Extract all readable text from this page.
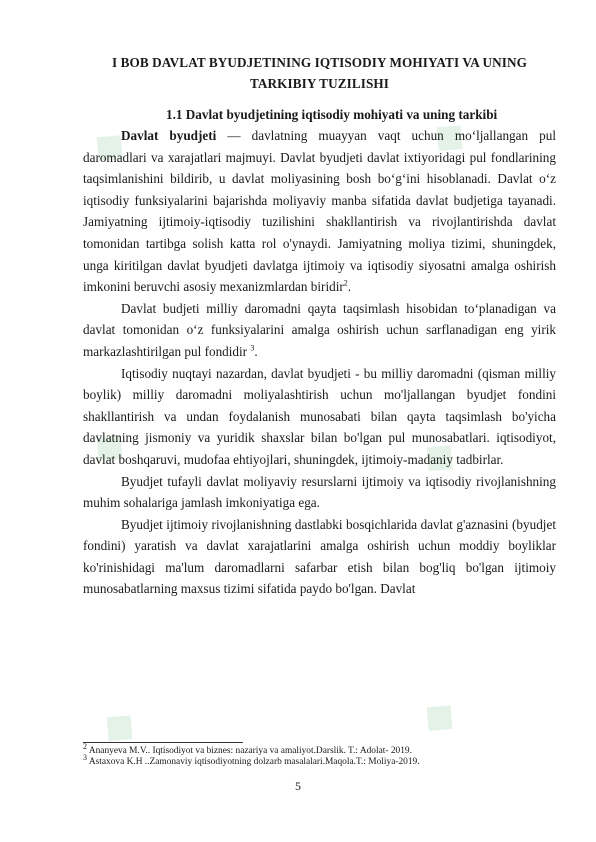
◆	◆
◆	◆
◆	◆
I BOB DAVLAT BYUDJETINING IQTISODIY MOHIYATI VA UNING TARKIBIY TUZILISHI
1.1 Davlat byudjetining iqtisodiy mohiyati va uning tarkibi

Davlat byudjeti — davlatning muayyan vaqt uchun mo‘ljallangan pul daromadlari va xarajatlari majmuyi. Davlat byudjeti davlat ixtiyoridagi pul fondlarining taqsimlanishini bildirib, u davlat moliyasining bosh bo‘g‘ini hisoblanadi. Davlat o‘z iqtisodiy funksiyalarini bajarishda moliyaviy manba sifatida davlat budjetiga tayanadi. Jamiyatning ijtimoiy-iqtisodiy tuzilishini shakllantirish va rivojlantirishda davlat tomonidan tartibga solish katta rol o'ynaydi. Jamiyatning moliya tizimi, shuningdek, unga kiritilgan davlat byudjeti davlatga ijtimoiy va iqtisodiy siyosatni amalga oshirish imkonini beruvchi asosiy mexanizmlardan biridir$^2$.

Davlat budjeti milliy daromadni qayta taqsimlash hisobidan to‘planadigan va davlat tomonidan o‘z funksiyalarini amalga oshirish uchun sarflanadigan eng yirik markazlashtirilgan pul fondidir $^3$.

Iqtisodiy nuqtayi nazardan, davlat byudjeti - bu milliy daromadni (qisman milliy boylik) milliy daromadni moliyalashtirish uchun mo'ljallangan byudjet fondini shakllantirish va undan foydalanish munosabati bilan qayta taqsimlash bo'yicha davlatning jismoniy va yuridik shaxslar bilan bo'lgan pul munosabatlari. iqtisodiyot, davlat boshqaruvi, mudofaa ehtiyojlari, shuningdek, ijtimoiy-madaniy tadbirlar.

Byudjet tufayli davlat moliyaviy resurslarni ijtimoiy va iqtisodiy rivojlanishning muhim sohalariga jamlash imkoniyatiga ega.

Byudjet ijtimoiy rivojlanishning dastlabki bosqichlarida davlat g'aznasini (byudjet fondini) yaratish va davlat xarajatlarini amalga oshirish uchun moddiy boyliklar ko'rinishidagi ma'lum daromadlarni safarbar etish bilan bog'liq bo'lgan ijtimoiy munosabatlarning maxsus tizimi sifatida paydo bo'lgan. Davlat

$^2$ Ananyeva M.V.. Iqtisodiyot va biznes: nazariya va amaliyot.Darslik. T.: Adolat- 2019.
$^3$ Astaxova K.H ..Zamonaviy iqtisodiyotning dolzarb masalalari.Maqola.T.: Moliya-2019.
5
